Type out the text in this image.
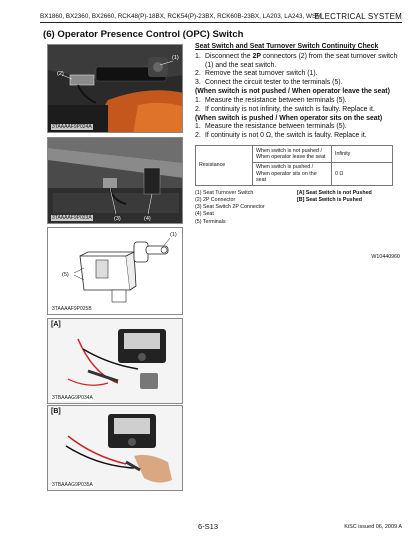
BX1860, BX2360, BX2660, RCK48(P)-18BX, RCK54(P)-23BX, RCK60B-23BX, LA203, LA243, WSM
ELECTRICAL SYSTEM
(6) Operator Presence Control (OPC) Switch
(2)
(1)
3TAAAAF9P024A
(3)	(4)
3TAAAAF9P023A
(5)
(1)
3TAAAAF9P025B
[A]
3TBAAAG9P034A
[B]
3TBAAAG9P035A
Seat Switch and Seat Turnover Switch Continuity Check
1. Disconnect the 2P connectors (2) from the seat turnover switch (1) and the seat switch.
2. Remove the seat turnover switch (1).
3. Connect the circuit tester to the terminals (5).
(When switch is not pushed / When operator leave the seat)
1. Measure the resistance between terminals (5).
2. If continuity is not infinity, the switch is faulty. Replace it.
(When switch is pushed / When operator sits on the seat)
1. Measure the resistance between terminals (5).
2. If continuity is not 0 Ω, the switch is faulty. Replace it.
Resistance	When switch is not pushed / When operator leave the seat	Infinity
	When switch is pushed / When operator sits on the seat	0 Ω
(1) Seat Turnover Switch
(2) 2P Connector
(3) Seat Switch 2P Connector
(4) Seat
(5) Terminals
[A] Seat Switch is not Pushed
[B] Seat Switch is Pushed
W10440960
6-S13	KiSC issued 06, 2009 A
